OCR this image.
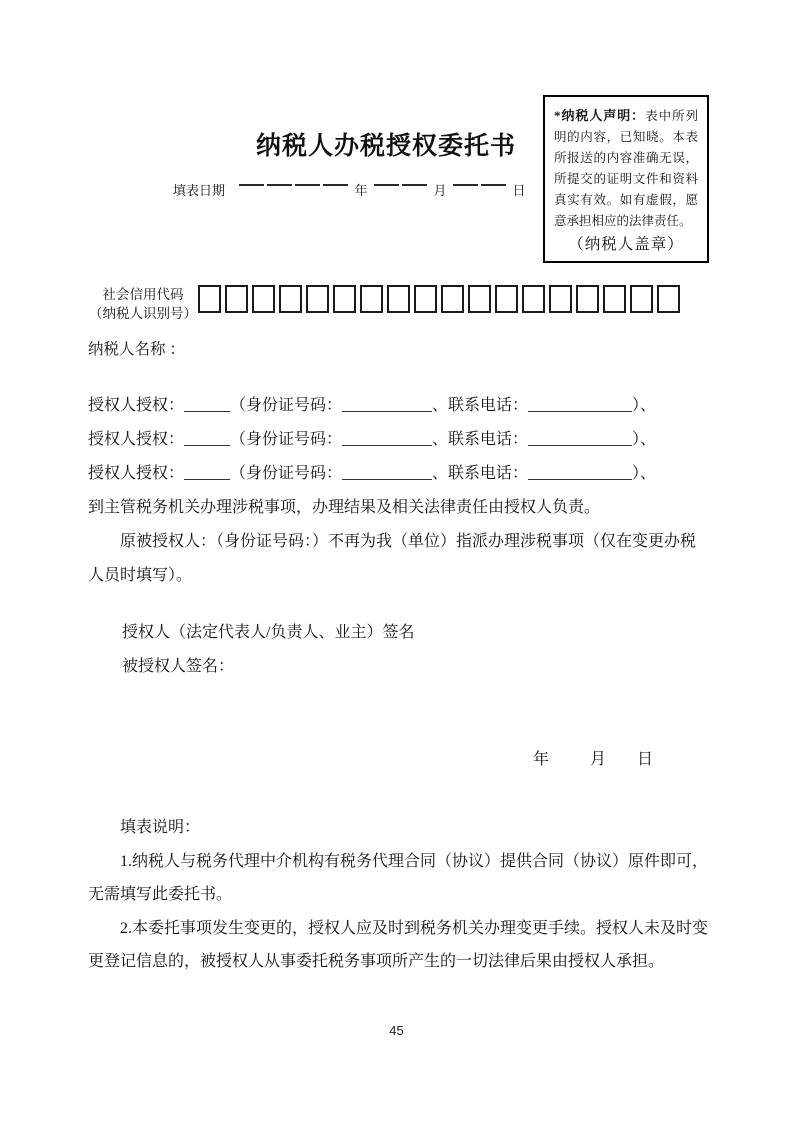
纳税人办税授权委托书
填表日期	年	月	日
*纳税人声明：表中所列明的内容，已知晓。本表所报送的内容准确无误，所提交的证明文件和资料真实有效。如有虚假，愿意承担相应的法律责任。
（纳税人盖章）
社会信用代码
（纳税人识别号）
纳税人名称 ：
授权人授权：	（身份证号码：	、联系电话：	）、
授权人授权：	（身份证号码：	、联系电话：	）、
授权人授权：	（身份证号码：	、联系电话：	）、
到主管税务机关办理涉税事项，办理结果及相关法律责任由授权人负责。
原被授权人：（身份证号码：）不再为我（单位）指派办理涉税事项（仅在变更办税人员时填写）。
授权人（法定代表人/负责人、业主）签名
被授权人签名：
年	月 日
填表说明：
1.纳税人与税务代理中介机构有税务代理合同（协议）提供合同（协议）原件即可，无需填写此委托书。
2.本委托事项发生变更的，授权人应及时到税务机关办理变更手续。授权人未及时变更登记信息的，被授权人从事委托税务事项所产生的一切法律后果由授权人承担。
45
